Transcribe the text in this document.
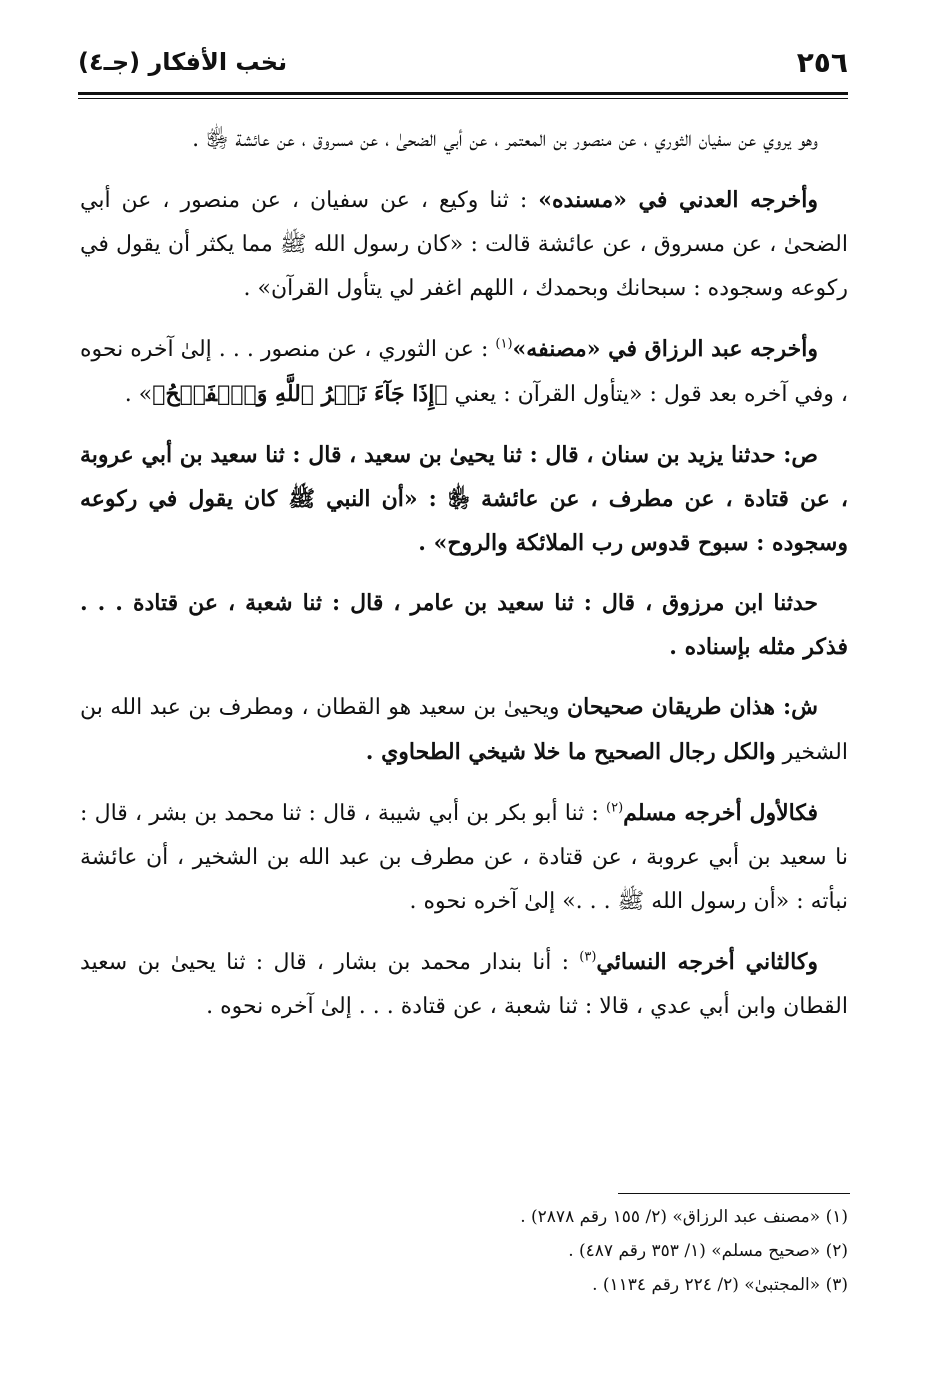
٢٥٦
نخب الأفكار (جـ٤)

وهو يروي عن سفيان الثوري ، عن منصور بن المعتمر ، عن أبي الضحىٰ ، عن مسروق ، عن عائشة ﵂ .

وأخرجه العدني في «مسنده» : ثنا وكيع ، عن سفيان ، عن منصور ، عن أبي الضحىٰ ، عن مسروق ، عن عائشة قالت : «كان رسول الله ﷺ مما يكثر أن يقول في ركوعه وسجوده : سبحانك وبحمدك ، اللهم اغفر لي يتأول القرآن» .

وأخرجه عبد الرزاق في «مصنفه»$^{(١)}$ : عن الثوري ، عن منصور . . . إلىٰ آخره نحوه ، وفي آخره بعد قول : «يتأول القرآن : يعني ﴿إِذَا جَآءَ نَصۡرُ ٱللَّهِ وَٱلۡفَتۡحُ﴾» .

ص: حدثنا يزيد بن سنان ، قال : ثنا يحيىٰ بن سعيد ، قال : ثنا سعيد بن أبي عروبة ، عن قتادة ، عن مطرف ، عن عائشة ﵂ : «أن النبي ﷺ كان يقول في ركوعه وسجوده : سبوح قدوس رب الملائكة والروح» .

حدثنا ابن مرزوق ، قال : ثنا سعيد بن عامر ، قال : ثنا شعبة ، عن قتادة . . . فذكر مثله بإسناده .

ش: هذان طريقان صحيحان ويحيىٰ بن سعيد هو القطان ، ومطرف بن عبد الله بن الشخير والكل رجال الصحيح ما خلا شيخي الطحاوي .

فكالأول أخرجه مسلم$^{(٢)}$ : ثنا أبو بكر بن أبي شيبة ، قال : ثنا محمد بن بشر ، قال : نا سعيد بن أبي عروبة ، عن قتادة ، عن مطرف بن عبد الله بن الشخير ، أن عائشة نبأته : «أن رسول الله ﷺ . . .» إلىٰ آخره نحوه .

وكالثاني أخرجه النسائي$^{(٣)}$ : أنا بندار محمد بن بشار ، قال : ثنا يحيىٰ بن سعيد القطان وابن أبي عدي ، قالا : ثنا شعبة ، عن قتادة . . . إلىٰ آخره نحوه .

(١) «مصنف عبد الرزاق» (٢/ ١٥٥ رقم ٢٨٧٨) .

(٢) «صحيح مسلم» (١/ ٣٥٣ رقم ٤٨٧) .

(٣) «المجتبىٰ» (٢/ ٢٢٤ رقم ١١٣٤) .
